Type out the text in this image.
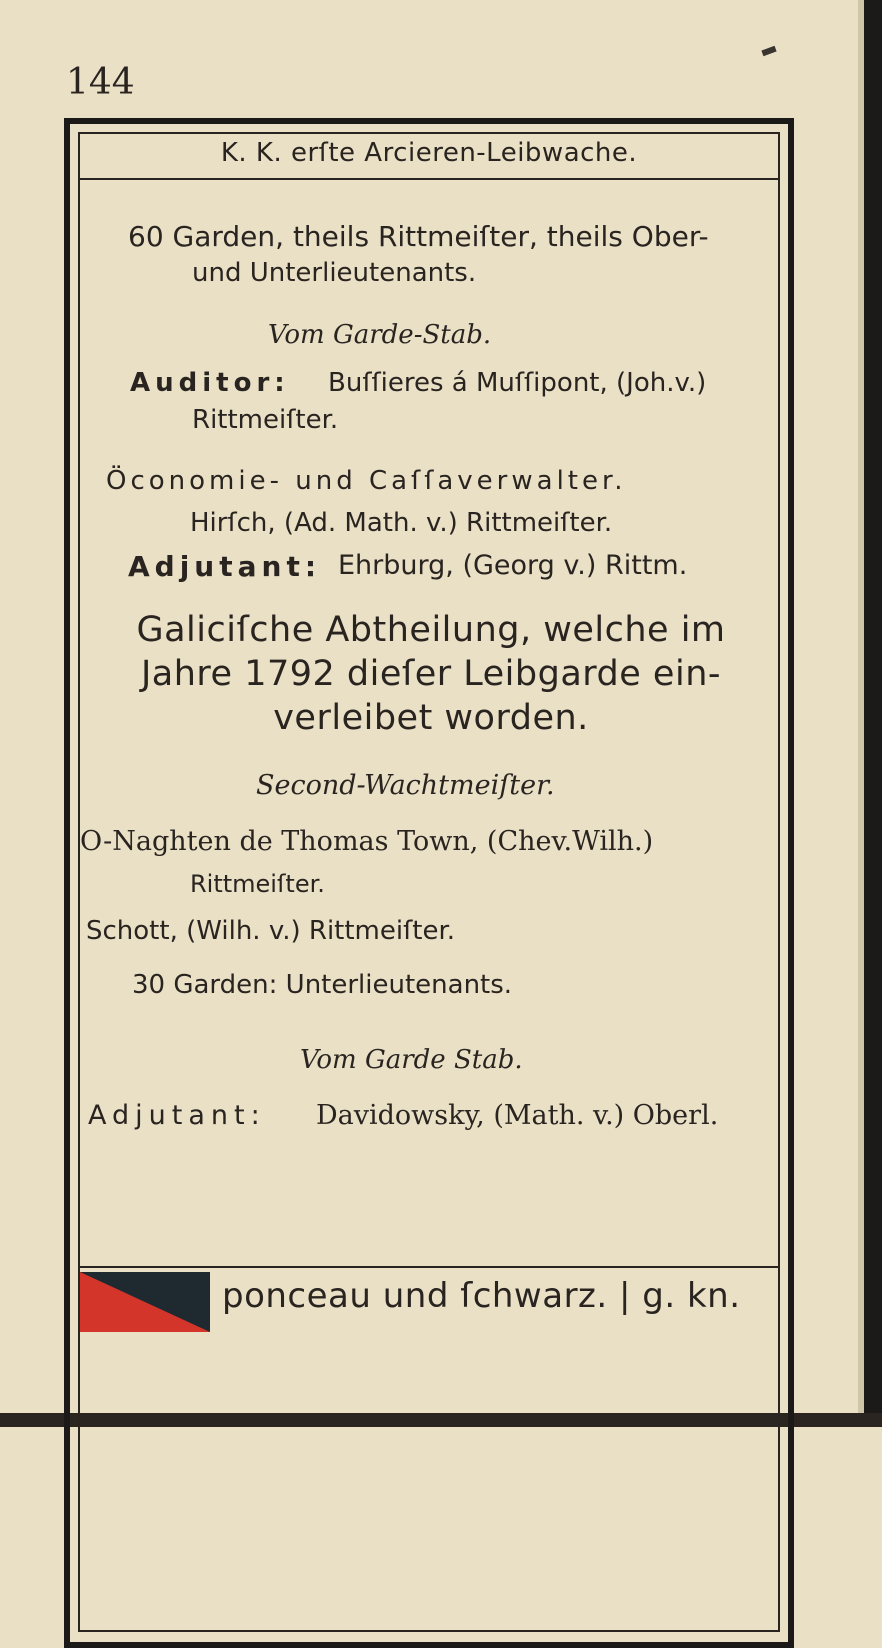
144
K. K. erſte Arcieren-Leibwache.
60 Garden, theils Rittmeiſter, theils Ober-
und Unterlieutenants.
Vom Garde-Stab.
Auditor: Buſſieres á Muſſipont, (Joh.v.)
Rittmeiſter.
Öconomie- und Caſſaverwalter.
Hirſch, (Ad. Math. v.) Rittmeiſter.
Adjutant: Ehrburg, (Georg v.) Rittm.
Galiciſche Abtheilung, welche im Jahre 1792 dieſer Leibgarde ein-verleibet worden.
Second-Wachtmeiſter.
O-Naghten de Thomas Town, (Chev.Wilh.)
Rittmeiſter.
Schott, (Wilh. v.) Rittmeiſter.
30 Garden: Unterlieutenants.
Vom Garde Stab.
Adjutant: Davidowsky, (Math. v.) Oberl.
ponceau und ſchwarz. | g. kn.
